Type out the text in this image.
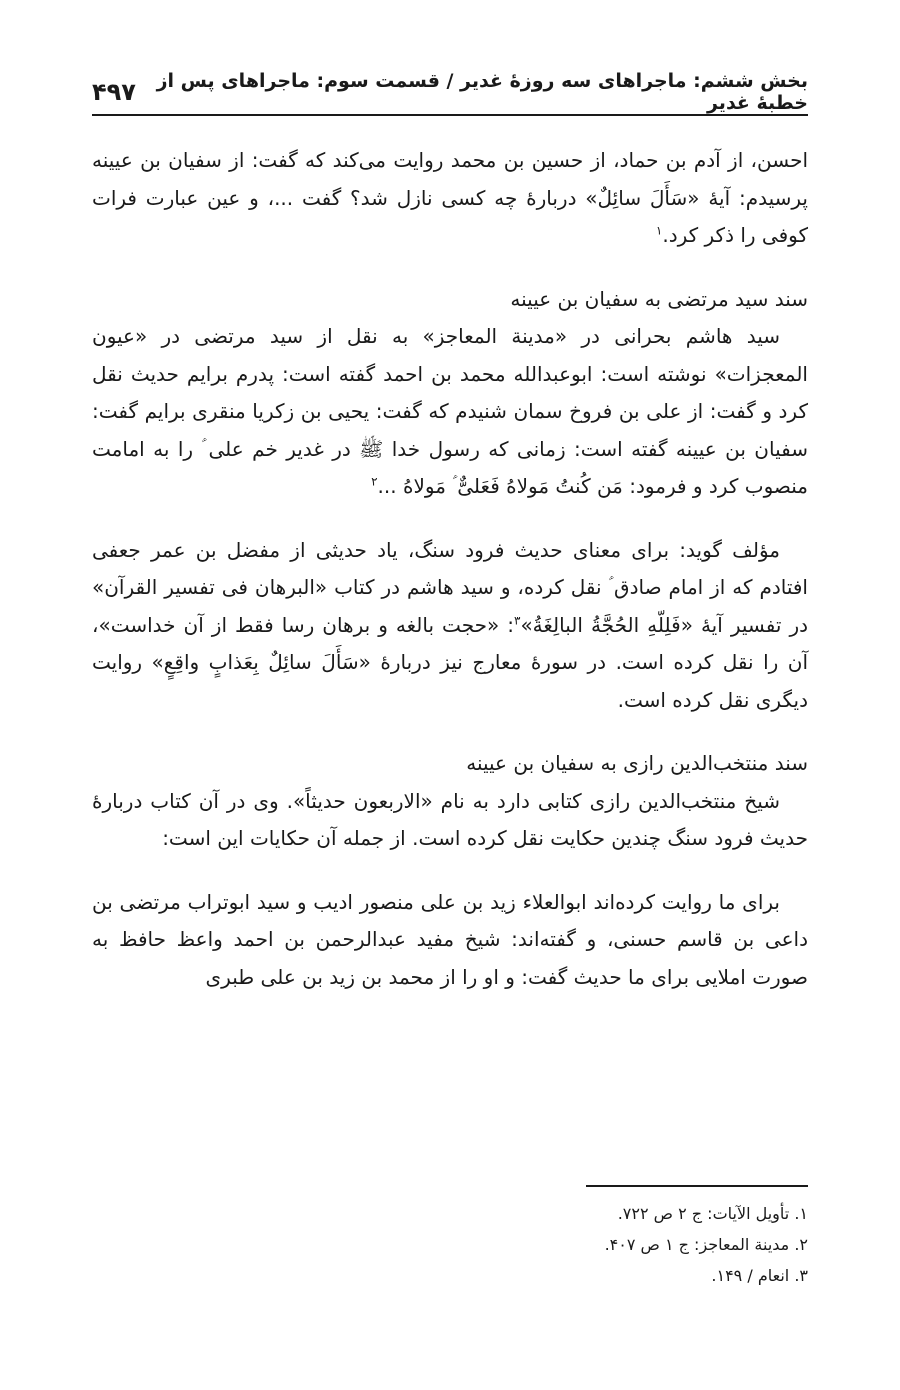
بخش ششم: ماجراهای سه روزهٔ غدیر / قسمت سوم: ماجراهای پس از خطبهٔ غدیر
۴۹۷

احسن، از آدم بن حماد، از حسین بن محمد روایت می‌کند که گفت: از سفیان بن عیینه پرسیدم: آیهٔ «سَأَلَ سائِلٌ» دربارهٔ چه کسی نازل شد؟ گفت ...، و عین عبارت فرات کوفی را ذکر کرد.$^۱$

سند سید مرتضی به سفیان بن عیینه

سید هاشم بحرانی در «مدینة المعاجز» به نقل از سید مرتضی در «عیون المعجزات» نوشته است: ابوعبدالله محمد بن احمد گفته است: پدرم برایم حدیث نقل کرد و گفت: از علی بن فروخ سمان شنیدم که گفت: یحیی بن زکریا منقری برایم گفت: سفیان بن عیینه گفته است: زمانی که رسول خدا ﷺ در غدیر خم علی ؑ را به امامت منصوب کرد و فرمود: مَن کُنتُ مَولاهُ فَعَلیٌّ ؑ مَولاهُ ...$^۲$

مؤلف گوید: برای معنای حدیث فرود سنگ، یاد حدیثی از مفضل بن عمر جعفی افتادم که از امام صادق ؑ نقل کرده، و سید هاشم در کتاب «البرهان فی تفسیر القرآن» در تفسیر آیهٔ «فَلِلّهِ الحُجَّةُ البالِغَةُ»$^۳$: «حجت بالغه و برهان رسا فقط از آن خداست»، آن را نقل کرده است. در سورهٔ معارج نیز دربارهٔ «سَأَلَ سائِلٌ بِعَذابٍ واقِعٍ» روایت دیگری نقل کرده است.

سند منتخب‌الدین رازی به سفیان بن عیینه

شیخ منتخب‌الدین رازی کتابی دارد به نام «الاربعون حدیثاً». وی در آن کتاب دربارهٔ حدیث فرود سنگ چندین حکایت نقل کرده است. از جمله آن حکایات این است:

برای ما روایت کرده‌اند ابوالعلاء زید بن علی منصور ادیب و سید ابوتراب مرتضی بن داعی بن قاسم حسنی، و گفته‌اند: شیخ مفید عبدالرحمن بن احمد واعظ حافظ به صورت املایی برای ما حدیث گفت: و او را از محمد بن زید بن علی طبری

۱. تأویل الآیات: ج ۲ ص ۷۲۲.

۲. مدینة المعاجز: ج ۱ ص ۴۰۷.

۳. انعام / ۱۴۹.
